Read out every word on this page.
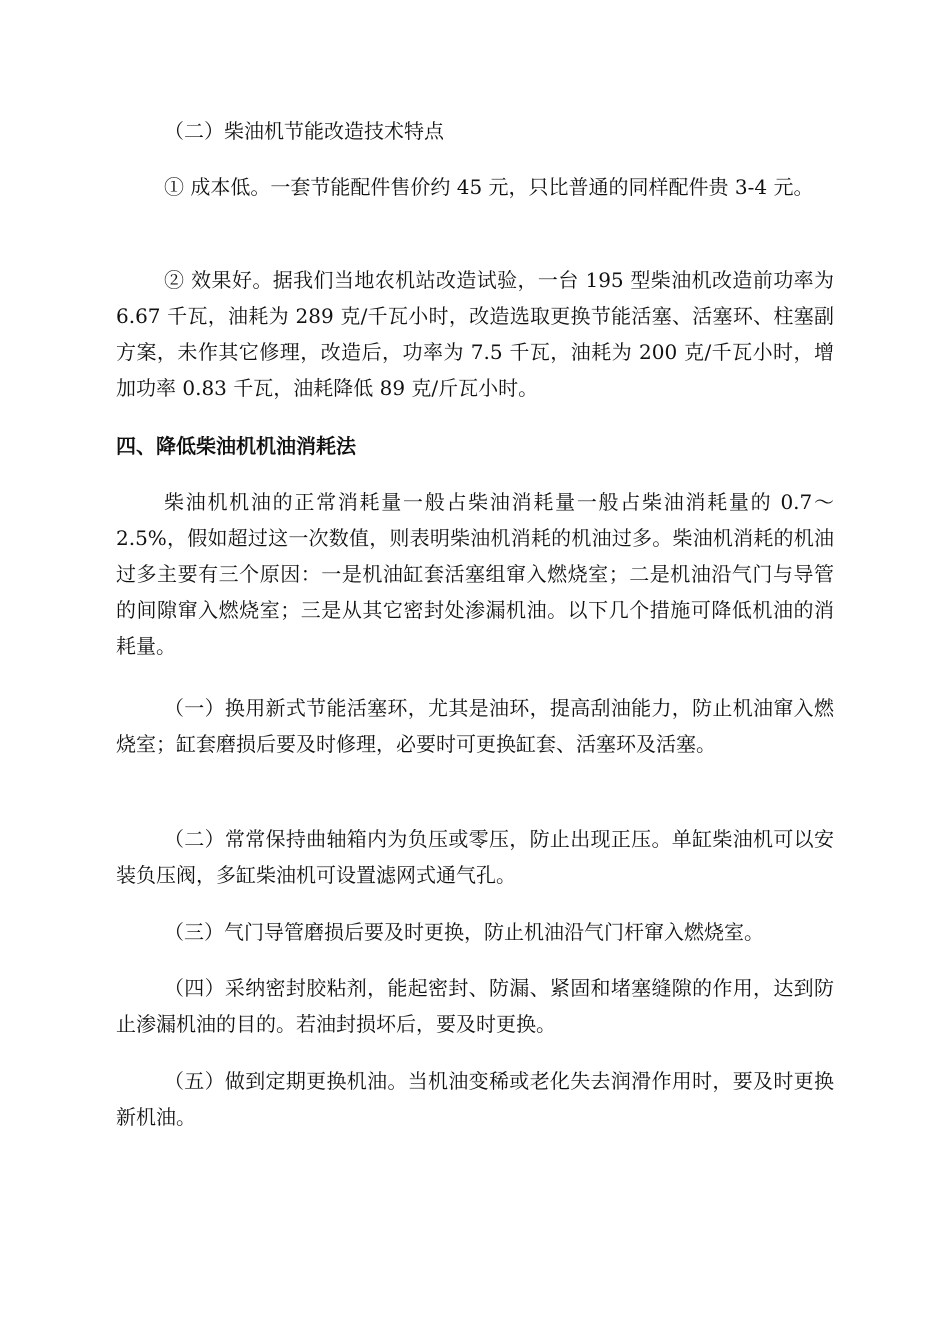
（二）柴油机节能改造技术特点

① 成本低。一套节能配件售价约 45 元，只比普通的同样配件贵 3-4 元。

② 效果好。据我们当地农机站改造试验，一台 195 型柴油机改造前功率为 6.67 千瓦，油耗为 289 克/千瓦小时，改造选取更换节能活塞、活塞环、柱塞副方案，未作其它修理，改造后，功率为 7.5 千瓦，油耗为 200 克/千瓦小时，增加功率 0.83 千瓦，油耗降低 89 克/斤瓦小时。

四、降低柴油机机油消耗法

柴油机机油的正常消耗量一般占柴油消耗量一般占柴油消耗量的 0.7～2.5%，假如超过这一次数值，则表明柴油机消耗的机油过多。柴油机消耗的机油过多主要有三个原因：一是机油缸套活塞组窜入燃烧室；二是机油沿气门与导管的间隙窜入燃烧室；三是从其它密封处渗漏机油。以下几个措施可降低机油的消耗量。

（一）换用新式节能活塞环，尤其是油环，提高刮油能力，防止机油窜入燃烧室；缸套磨损后要及时修理，必要时可更换缸套、活塞环及活塞。

（二）常常保持曲轴箱内为负压或零压，防止出现正压。单缸柴油机可以安装负压阀，多缸柴油机可设置滤网式通气孔。

（三）气门导管磨损后要及时更换，防止机油沿气门杆窜入燃烧室。

（四）采纳密封胶粘剂，能起密封、防漏、紧固和堵塞缝隙的作用，达到防止渗漏机油的目的。若油封损坏后，要及时更换。

（五）做到定期更换机油。当机油变稀或老化失去润滑作用时，要及时更换新机油。
